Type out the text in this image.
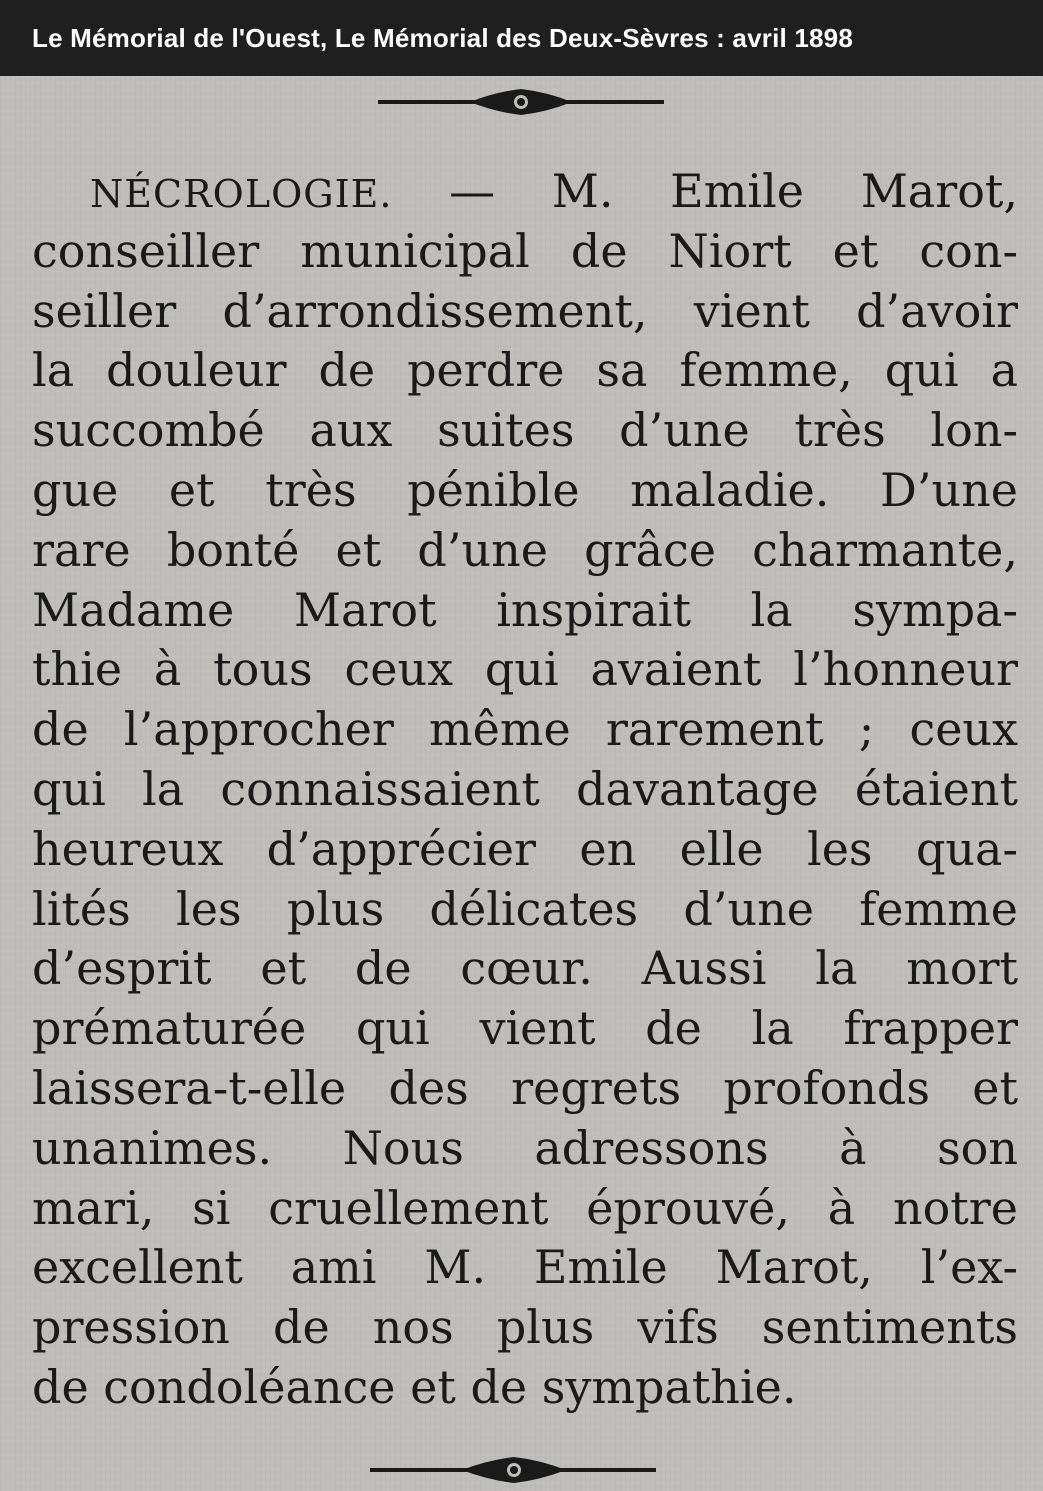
Le Mémorial de l'Ouest, Le Mémorial des Deux-Sèvres : avril 1898
NÉCROLOGIE. — M. Emile Marot,
conseiller municipal de Niort et con-
seiller d’arrondissement, vient d’avoir
la douleur de perdre sa femme, qui a
succombé aux suites d’une très lon-
gue et très pénible maladie. D’une
rare bonté et d’une grâce charmante,
Madame Marot inspirait la sympa-
thie à tous ceux qui avaient l’honneur
de l’approcher même rarement ; ceux
qui la connaissaient davantage étaient
heureux d’apprécier en elle les qua-
lités les plus délicates d’une femme
d’esprit et de cœur. Aussi la mort
prématurée qui vient de la frapper
laissera-t-elle des regrets profonds et
unanimes. Nous adressons à son
mari, si cruellement éprouvé, à notre
excellent ami M. Emile Marot, l’ex-
pression de nos plus vifs sentiments
de condoléance et de sympathie.
